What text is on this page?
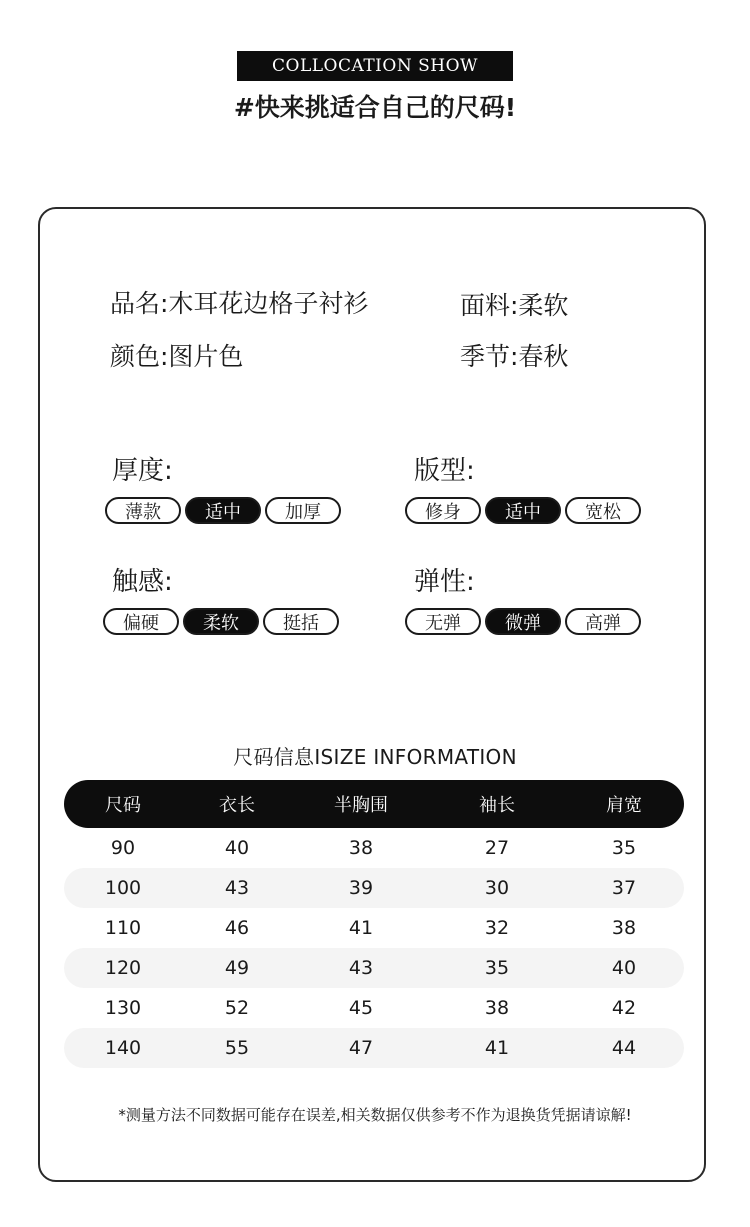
COLLOCATION SHOW
#快来挑适合自己的尺码!
品名:木耳花边格子衬衫	面料:柔软
颜色:图片色	季节:春秋
厚度:
薄款	适中	加厚
版型:
修身	适中	宽松
触感:
偏硬	柔软	挺括
弹性:
无弹	微弹	高弹
尺码信息ISIZE INFORMATION
尺码	衣长	半胸围	袖长	肩宽
90	40	38	27	35
100	43	39	30	37
110	46	41	32	38
120	49	43	35	40
130	52	45	38	42
140	55	47	41	44
*测量方法不同数据可能存在误差,相关数据仅供参考不作为退换货凭据请谅解!
